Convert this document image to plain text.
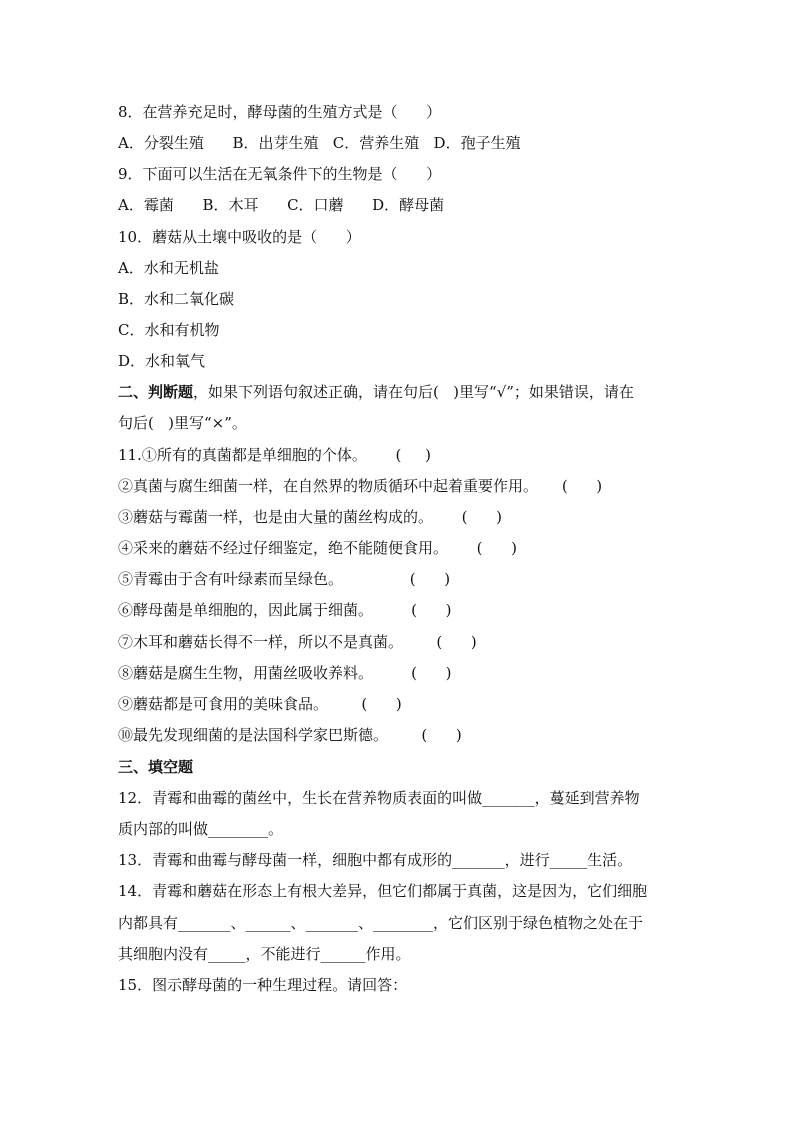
8．在营养充足时，酵母菌的生殖方式是（      ）
A．分裂生殖      B．出芽生殖   C．营养生殖   D．孢子生殖
9．下面可以生活在无氧条件下的生物是（      ）
A．霉菌      B．木耳      C．口蘑      D．酵母菌
10．蘑菇从土壤中吸收的是（      ）
A．水和无机盐
B．水和二氧化碳
C．水和有机物
D．水和氧气
二、判断题，如果下列语句叙述正确，请在句后(   )里写“√”；如果错误，请在
句后(   )里写“×”。
11.①所有的真菌都是单细胞的个体。      (     )
②真菌与腐生细菌一样，在自然界的物质循环中起着重要作用。     (      )
③蘑菇与霉菌一样，也是由大量的菌丝构成的。      (      )
④采来的蘑菇不经过仔细鉴定，绝不能随便食用。      (      )
⑤青霉由于含有叶绿素而呈绿色。              (      )
⑥酵母菌是单细胞的，因此属于细菌。        (      )
⑦木耳和蘑菇长得不一样，所以不是真菌。       (      )
⑧蘑菇是腐生生物，用菌丝吸收养料。        (      )
⑨蘑菇都是可食用的美味食品。       (      )
⑩最先发现细菌的是法国科学家巴斯德。       (      )
三、填空题
12．青霉和曲霉的菌丝中，生长在营养物质表面的叫做_______，蔓延到营养物
质内部的叫做________。
13．青霉和曲霉与酵母菌一样，细胞中都有成形的_______，进行_____生活。
14．青霉和蘑菇在形态上有根大差异，但它们都属于真菌，这是因为，它们细胞
内都具有_______、______、_______、________，它们区别于绿色植物之处在于
其细胞内没有_____，不能进行______作用。
15．图示酵母菌的一种生理过程。请回答：
